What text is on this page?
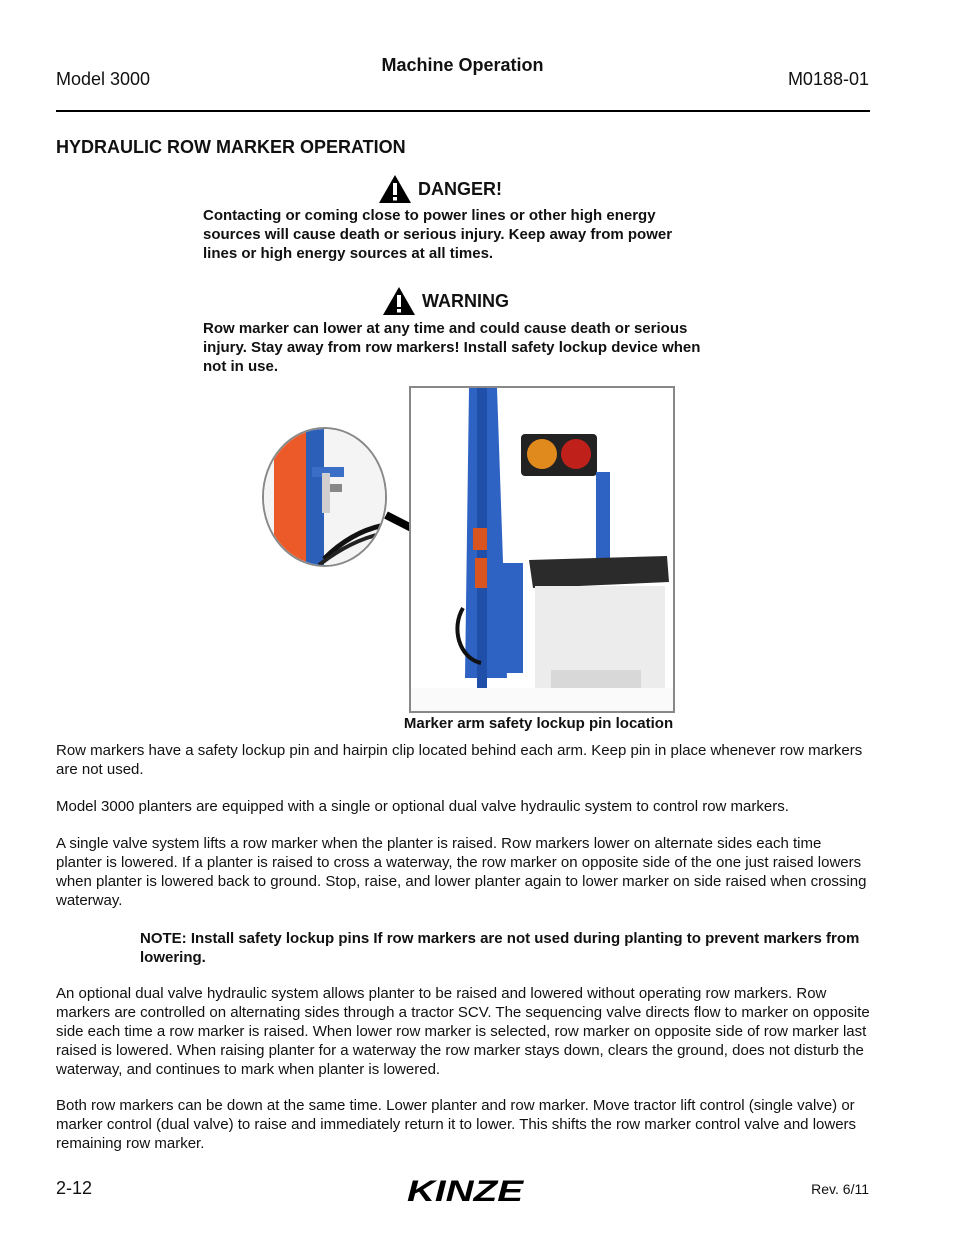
Model 3000
Machine Operation
M0188-01
HYDRAULIC ROW MARKER OPERATION
DANGER!
Contacting or coming close to power lines or other high energy sources will cause death or serious injury. Keep away from power lines or high energy sources at all times.
WARNING
Row marker can lower at any time and could cause death or serious injury. Stay away from row markers! Install safety lockup device when not in use.
Marker arm safety lockup pin location
Row markers have a safety lockup pin and hairpin clip located behind each arm. Keep pin in place whenever row markers are not used.
Model 3000 planters are equipped with a single or optional dual valve hydraulic system to control row markers.
A single valve system lifts a row marker when the planter is raised. Row markers lower on alternate sides each time planter is lowered. If a planter is raised to cross a waterway, the row marker on opposite side of the one just raised lowers when planter is lowered back to ground. Stop, raise, and lower planter again to lower marker on side raised when crossing waterway.
NOTE: Install safety lockup pins If row markers are not used during planting to prevent markers from lowering.
An optional dual valve hydraulic system allows planter to be raised and lowered without operating row markers. Row markers are controlled on alternating sides through a tractor SCV. The sequencing valve directs flow to marker on opposite side each time a row marker is raised. When lower row marker is selected, row marker on opposite side of row marker last raised is lowered. When raising planter for a waterway the row marker stays down, clears the ground, does not disturb the waterway, and continues to mark when planter is lowered.
Both row markers can be down at the same time. Lower planter and row marker. Move tractor lift control (single valve) or marker control (dual valve) to raise and immediately return it to lower. This shifts the row marker control valve and lowers remaining row marker.
2-12	KINZE	Rev. 6/11
